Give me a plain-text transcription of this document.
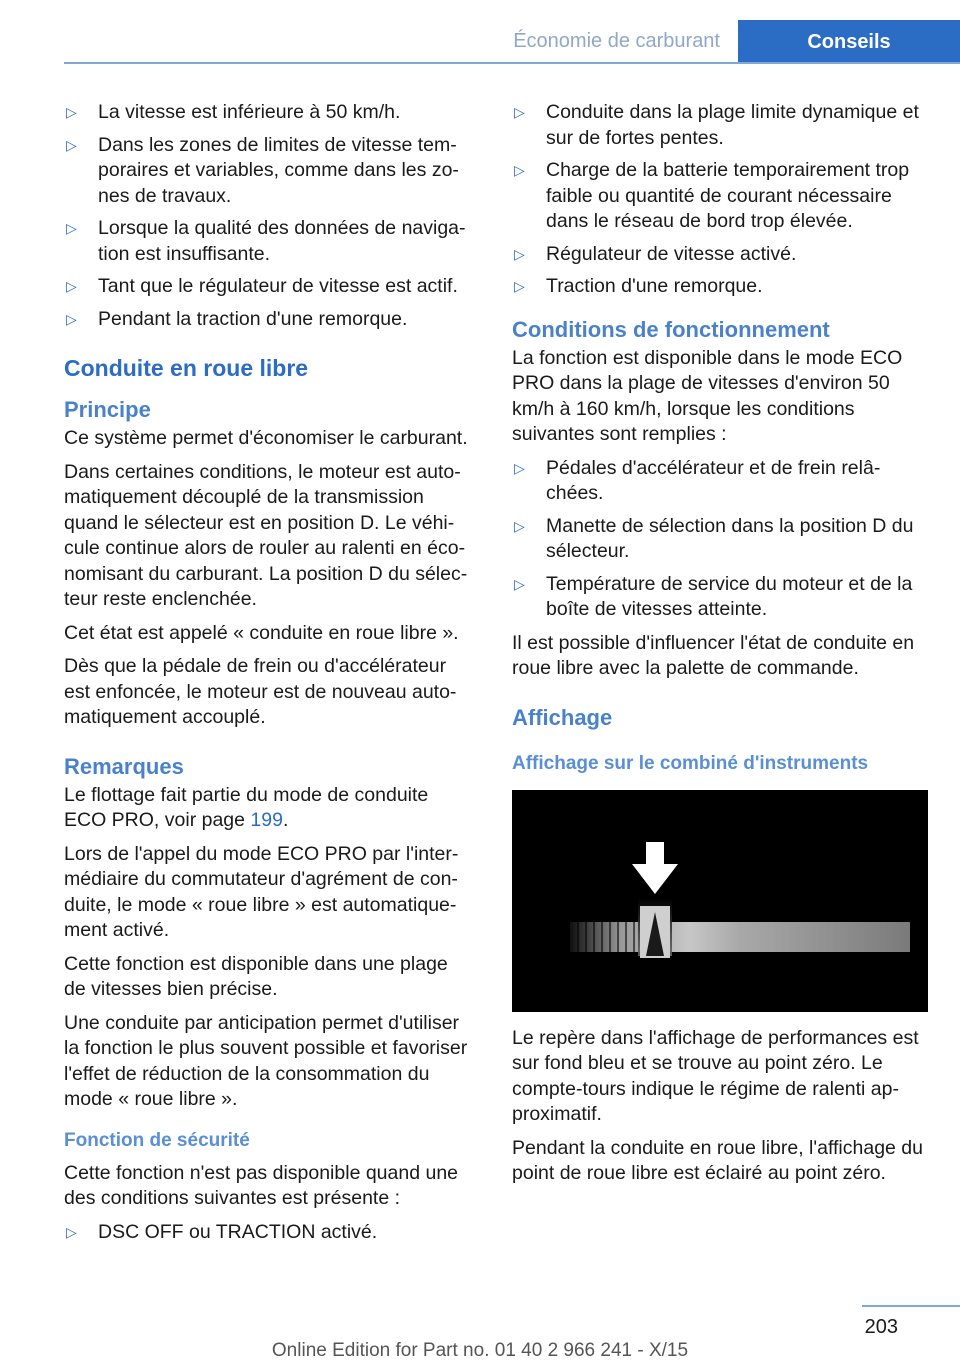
Économie de carburant	Conseils
▷ La vitesse est inférieure à 50 km/h.
▷ Dans les zones de limites de vitesse tem-poraires et variables, comme dans les zo-nes de travaux.
▷ Lorsque la qualité des données de naviga-tion est insuffisante.
▷ Tant que le régulateur de vitesse est actif.
▷ Pendant la traction d'une remorque.
Conduite en roue libre
Principe

Ce système permet d'économiser le carburant.

Dans certaines conditions, le moteur est auto-matiquement découplé de la transmission quand le sélecteur est en position D. Le véhi-cule continue alors de rouler au ralenti en éco-nomisant du carburant. La position D du sélec-teur reste enclenchée.

Cet état est appelé « conduite en roue libre ».

Dès que la pédale de frein ou d'accélérateur est enfoncée, le moteur est de nouveau auto-matiquement accouplé.

Remarques

Le flottage fait partie du mode de conduite ECO PRO, voir page 199.

Lors de l'appel du mode ECO PRO par l'inter-médiaire du commutateur d'agrément de con-duite, le mode « roue libre » est automatique-ment activé.

Cette fonction est disponible dans une plage de vitesses bien précise.

Une conduite par anticipation permet d'utiliser la fonction le plus souvent possible et favoriser l'effet de réduction de la consommation du mode « roue libre ».

Fonction de sécurité

Cette fonction n'est pas disponible quand une des conditions suivantes est présente :

▷ DSC OFF ou TRACTION activé.
▷ Conduite dans la plage limite dynamique et sur de fortes pentes.
▷ Charge de la batterie temporairement trop faible ou quantité de courant nécessaire dans le réseau de bord trop élevée.
▷ Régulateur de vitesse activé.
▷ Traction d'une remorque.
Conditions de fonctionnement

La fonction est disponible dans le mode ECO PRO dans la plage de vitesses d'environ 50 km/h à 160 km/h, lorsque les conditions suivantes sont remplies :

▷ Pédales d'accélérateur et de frein relâ-chées.
▷ Manette de sélection dans la position D du sélecteur.
▷ Température de service du moteur et de la boîte de vitesses atteinte.

Il est possible d'influencer l'état de conduite en roue libre avec la palette de commande.

Affichage
Affichage sur le combiné d'instruments

Le repère dans l'affichage de performances est sur fond bleu et se trouve au point zéro. Le compte-tours indique le régime de ralenti ap-proximatif.

Pendant la conduite en roue libre, l'affichage du point de roue libre est éclairé au point zéro.

203
Online Edition for Part no. 01 40 2 966 241 - X/15
